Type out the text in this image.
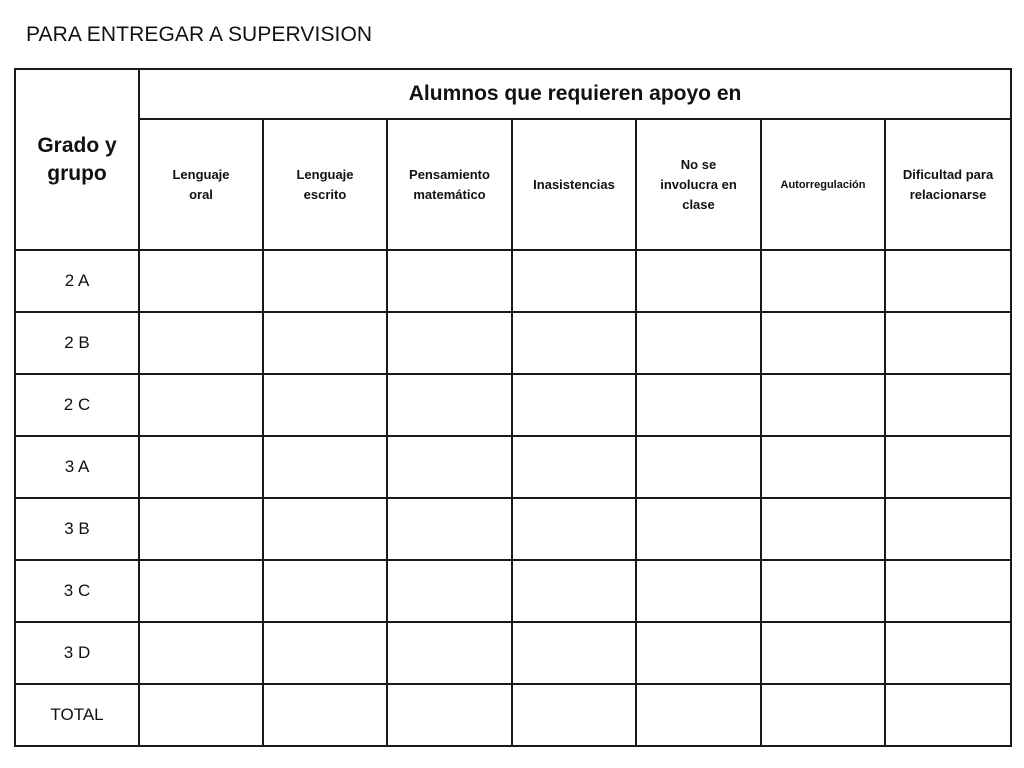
PARA ENTREGAR A SUPERVISION
Grado y
grupo	Alumnos que requieren apoyo en						
	Lenguaje oral	Lenguaje escrito	Pensamiento matemático	Inasistencias	No se involucra en clase	Autorregulación	Dificultad para relacionarse
2 A							
2 B							
2 C							
3 A							
3 B							
3 C							
3 D							
TOTAL							
